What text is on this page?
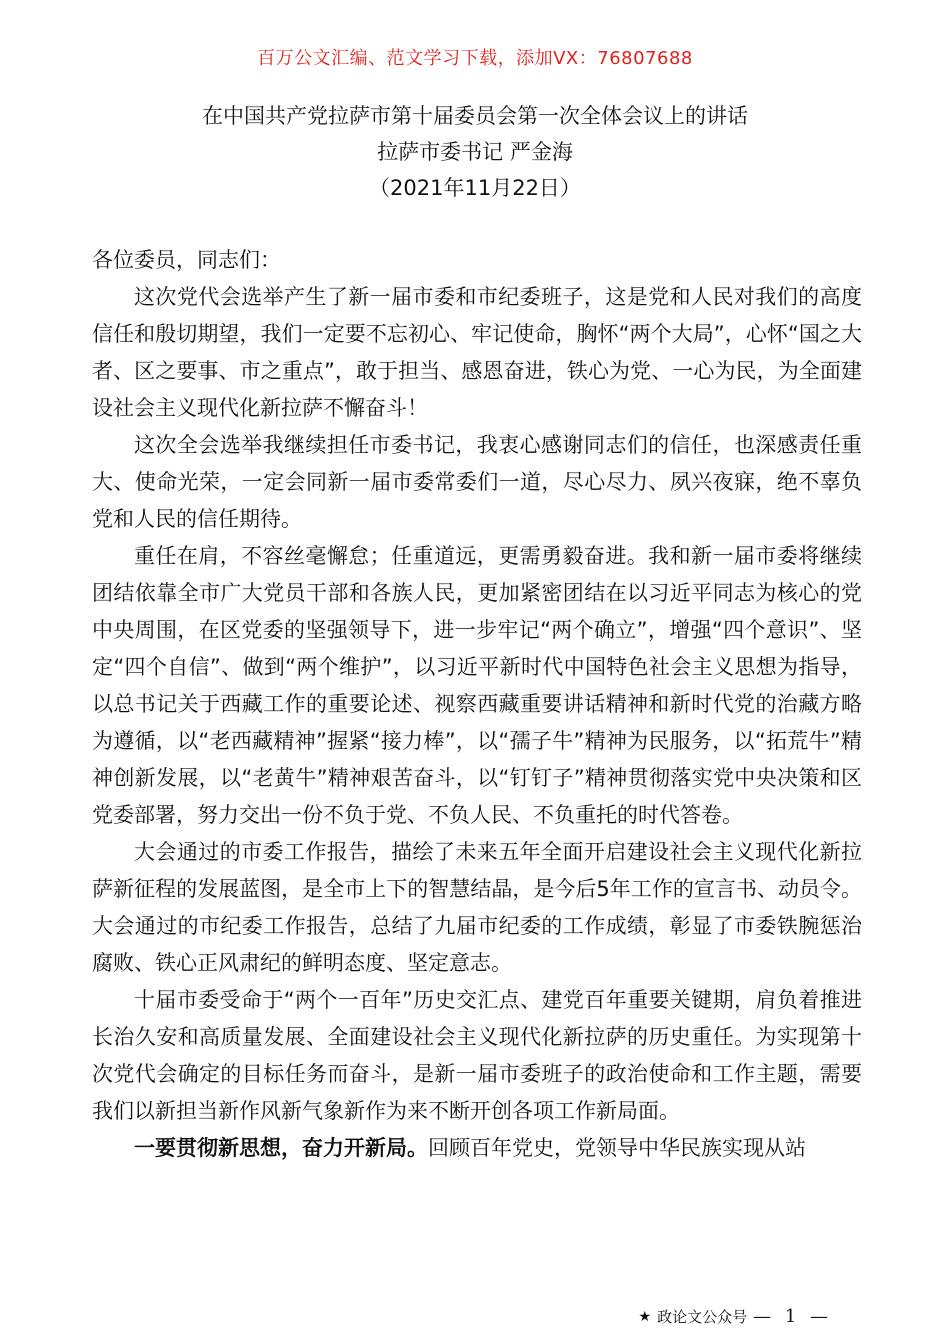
百万公文汇编、范文学习下载，添加VX：76807688
在中国共产党拉萨市第十届委员会第一次全体会议上的讲话
拉萨市委书记 严金海
（2021年11月22日）

各位委员，同志们：

这次党代会选举产生了新一届市委和市纪委班子，这是党和人民对我们的高度信任和殷切期望，我们一定要不忘初心、牢记使命，胸怀“两个大局”，心怀“国之大者、区之要事、市之重点”，敢于担当、感恩奋进，铁心为党、一心为民，为全面建设社会主义现代化新拉萨不懈奋斗！

这次全会选举我继续担任市委书记，我衷心感谢同志们的信任，也深感责任重大、使命光荣，一定会同新一届市委常委们一道，尽心尽力、夙兴夜寐，绝不辜负党和人民的信任期待。

重任在肩，不容丝毫懈怠；任重道远，更需勇毅奋进。我和新一届市委将继续团结依靠全市广大党员干部和各族人民，更加紧密团结在以习近平同志为核心的党中央周围，在区党委的坚强领导下，进一步牢记“两个确立”，增强“四个意识”、坚定“四个自信”、做到“两个维护”，以习近平新时代中国特色社会主义思想为指导，以总书记关于西藏工作的重要论述、视察西藏重要讲话精神和新时代党的治藏方略为遵循，以“老西藏精神”握紧“接力棒”，以“孺子牛”精神为民服务，以“拓荒牛”精神创新发展，以“老黄牛”精神艰苦奋斗，以“钉钉子”精神贯彻落实党中央决策和区党委部署，努力交出一份不负于党、不负人民、不负重托的时代答卷。

大会通过的市委工作报告，描绘了未来五年全面开启建设社会主义现代化新拉萨新征程的发展蓝图，是全市上下的智慧结晶，是今后5年工作的宣言书、动员令。大会通过的市纪委工作报告，总结了九届市纪委的工作成绩，彰显了市委铁腕惩治腐败、铁心正风肃纪的鲜明态度、坚定意志。

十届市委受命于“两个一百年”历史交汇点、建党百年重要关键期，肩负着推进长治久安和高质量发展、全面建设社会主义现代化新拉萨的历史重任。为实现第十次党代会确定的目标任务而奋斗，是新一届市委班子的政治使命和工作主题，需要我们以新担当新作风新气象新作为来不断开创各项工作新局面。

一要贯彻新思想，奋力开新局。回顾百年党史，党领导中华民族实现从站

★ 政论文公众号 — 1 —
